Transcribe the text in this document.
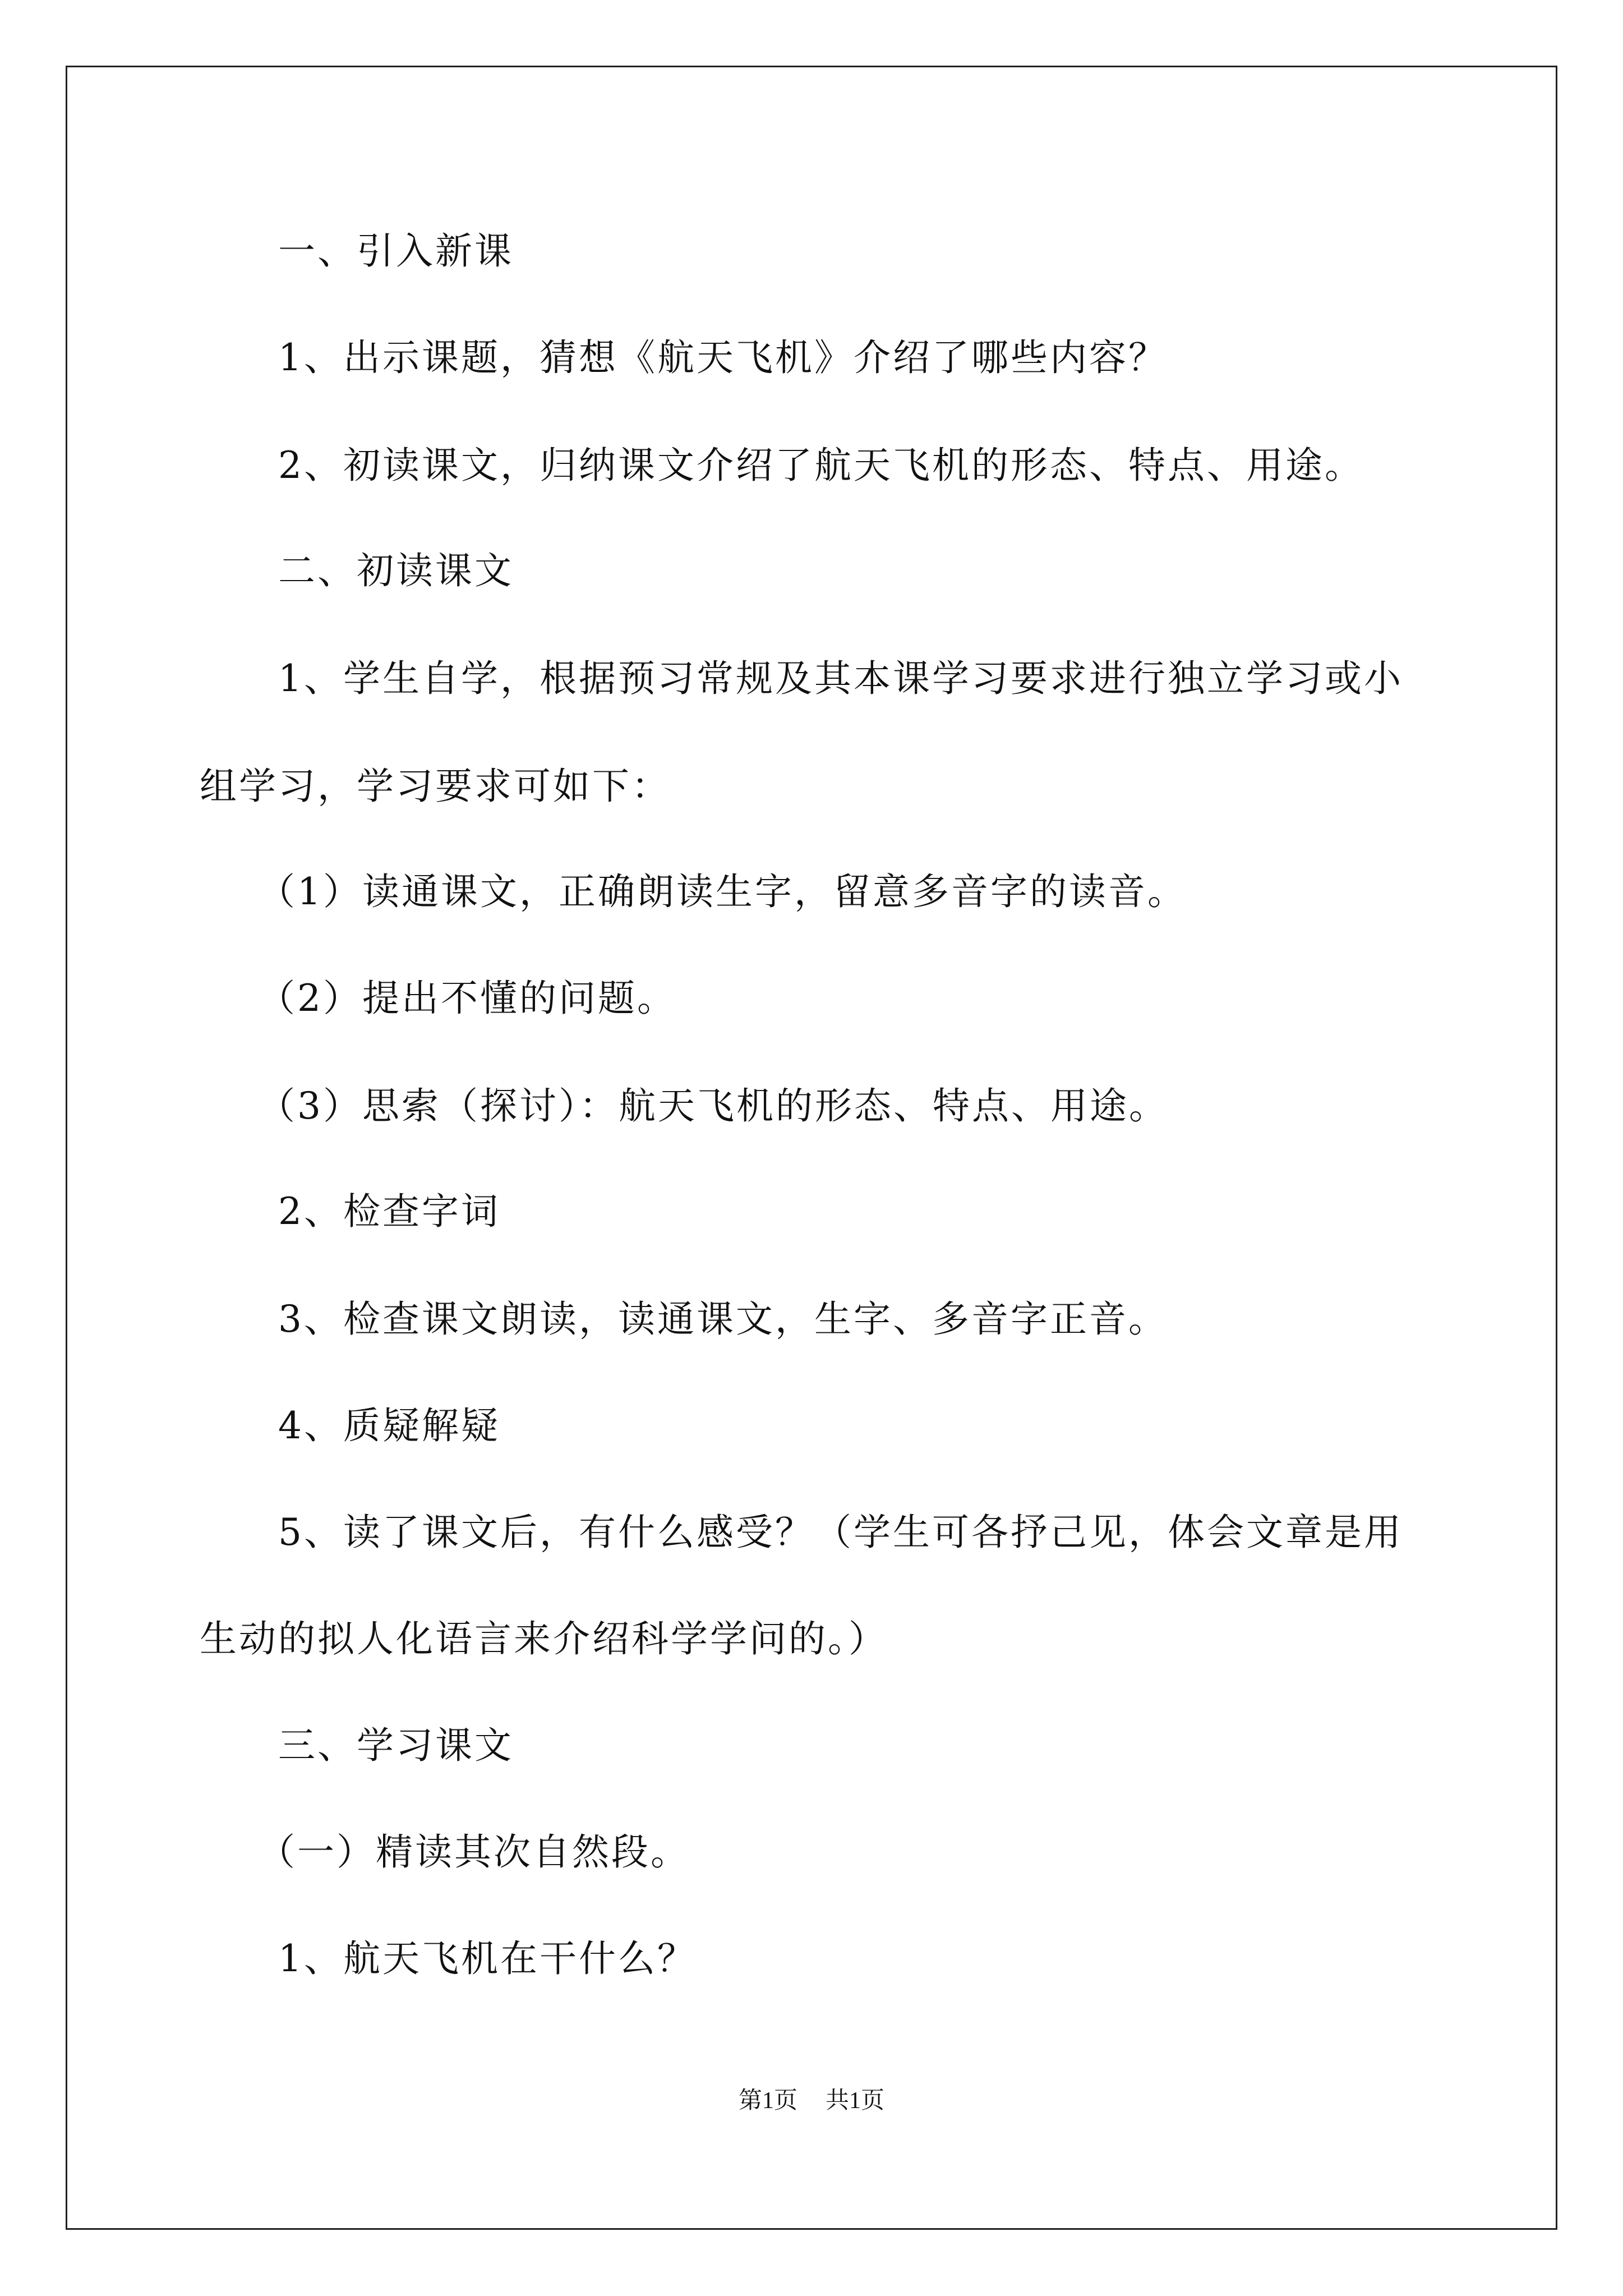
一、引入新课
1、出示课题，猜想《航天飞机》介绍了哪些内容？
2、初读课文，归纳课文介绍了航天飞机的形态、特点、用途。
二、初读课文
1、学生自学，根据预习常规及其本课学习要求进行独立学习或小
组学习，学习要求可如下：
（1）读通课文，正确朗读生字，留意多音字的读音。
（2）提出不懂的问题。
（3）思索（探讨）：航天飞机的形态、特点、用途。
2、检查字词
3、检查课文朗读，读通课文，生字、多音字正音。
4、质疑解疑
5、读了课文后，有什么感受？（学生可各抒己见，体会文章是用
生动的拟人化语言来介绍科学学问的。）
三、学习课文
（一）精读其次自然段。
1、航天飞机在干什么？
第1页 共1页
